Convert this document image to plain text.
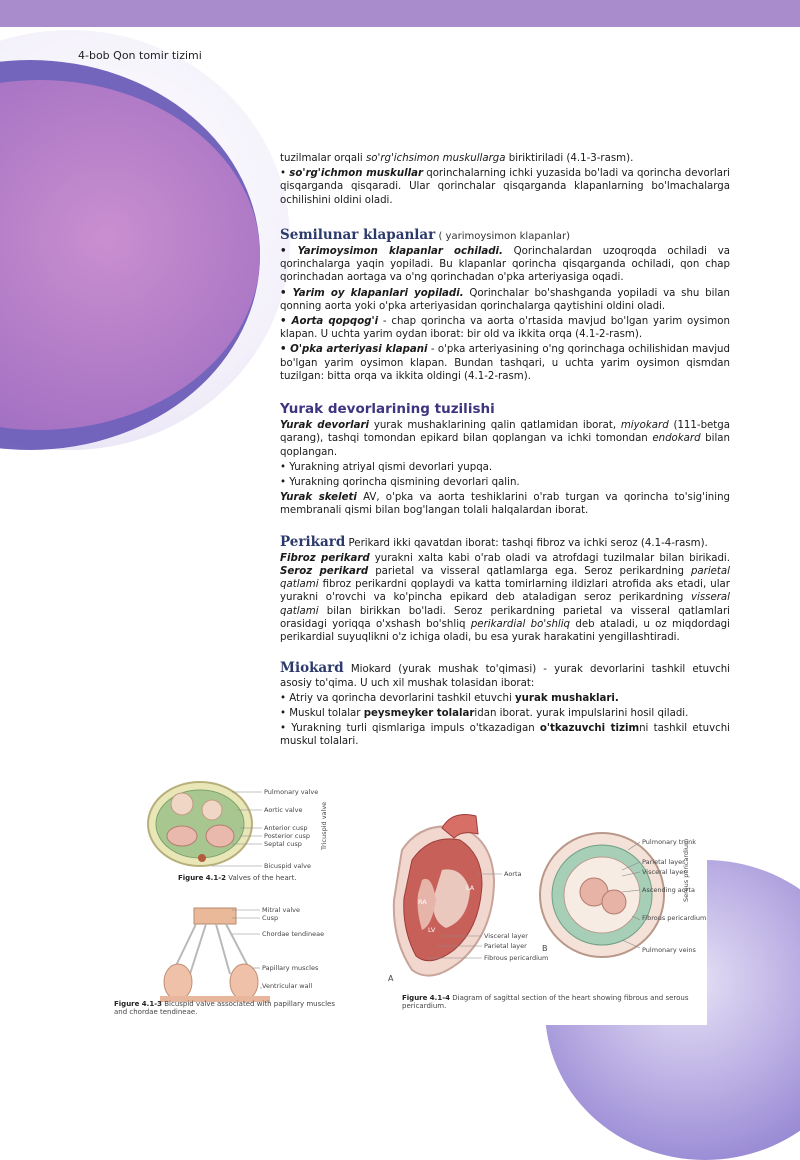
4-bob Qon tomir tizimi

tuzilmalar orqali so'rg'ichsimon muskullarga biriktiriladi (4.1-3-rasm).

• so'rg'ichmon muskullar qorinchalarning ichki yuzasida bo'ladi va qorincha devorlari qisqarganda qisqaradi. Ular qorinchalar qisqarganda klapanlarning bo'lmachalarga ochilishini oldini oladi.

Semilunar klapanlar ( yarimoysimon klapanlar)

• Yarimoysimon klapanlar ochiladi. Qorinchalardan uzoqroqda ochiladi va qorinchalarga yaqin yopiladi. Bu klapanlar qorincha qisqarganda ochiladi, qon chap qorinchadan aortaga va o'ng qorinchadan o'pka arteriyasiga oqadi.

• Yarim oy klapanlari yopiladi. Qorinchalar bo'shashganda yopiladi va shu bilan qonning aorta yoki o'pka arteriyasidan qorinchalarga qaytishini oldini oladi.

• Aorta qopqog'i - chap qorincha va aorta o'rtasida mavjud bo'lgan yarim oysimon klapan. U uchta yarim oydan iborat: bir old va ikkita orqa (4.1-2-rasm).

• O'pka arteriyasi klapani - o'pka arteriyasining o'ng qorinchaga ochilishidan mavjud bo'lgan yarim oysimon klapan. Bundan tashqari, u uchta yarim oysimon qismdan tuzilgan: bitta orqa va ikkita oldingi (4.1-2-rasm).

Yurak devorlarining tuzilishi

Yurak devorlari yurak mushaklarining qalin qatlamidan iborat, miyokard (111-betga qarang), tashqi tomondan epikard bilan qoplangan va ichki tomondan endokard bilan qoplangan.

• Yurakning atriyal qismi devorlari yupqa.

• Yurakning qorincha qismining devorlari qalin.

Yurak skeleti AV, o'pka va aorta teshiklarini o'rab turgan va qorincha to'sig'ining membranali qismi bilan bog'langan tolali halqalardan iborat.

Perikard Perikard ikki qavatdan iborat: tashqi fibroz va ichki seroz (4.1-4-rasm).

Fibroz perikard yurakni xalta kabi o'rab oladi va atrofdagi tuzilmalar bilan birikadi. Seroz perikard parietal va visseral qatlamlarga ega. Seroz perikardning parietal qatlami fibroz perikardni qoplaydi va katta tomirlarning ildizlari atrofida aks etadi, ular yurakni o'rovchi va ko'pincha epikard deb ataladigan seroz perikardning visseral qatlami bilan birikkan bo'ladi. Seroz perikardning parietal va visseral qatlamlari orasidagi yoriqqa o'xshash bo'shliq perikardial bo'shliq deb ataladi, u oz miqdordagi perikardial suyuqlikni o'z ichiga oladi, bu esa yurak harakatini yengillashtiradi.

Miokard Miokard (yurak mushak to'qimasi) - yurak devorlarini tashkil etuvchi asosiy to'qima. U uch xil mushak tolasidan iborat:

• Atriy va qorincha devorlarini tashkil etuvchi yurak mushaklari.

• Muskul tolalar peysmeyker tolalaridan iborat. yurak impulslarini hosil qiladi.

• Yurakning turli qismlariga impuls o'tkazadigan o'tkazuvchi tizimni tashkil etuvchi muskul tolalari.

Pulmonary valve
Aortic valve
Anterior cusp
Posterior cusp
Septal cusp
Bicuspid valve
Tricuspid valve
Figure 4.1-2 Valves of the heart.
Mitral valve
Cusp
Chordae tendineae
Papillary muscles
Ventricular wall
Figure 4.1-3 Bicuspid valve associated with papillary muscles and chordae tendineae.
Aorta
LA
RA
LV
Visceral layer
Parietal layer
Fibrous pericardium
A
B
Serous pericardium
Pulmonary trunk
Parietal layer
Visceral layer
Ascending aorta
Fibrous pericardium
Pulmonary veins
Figure 4.1-4 Diagram of sagittal section of the heart showing fibrous and serous pericardium.
